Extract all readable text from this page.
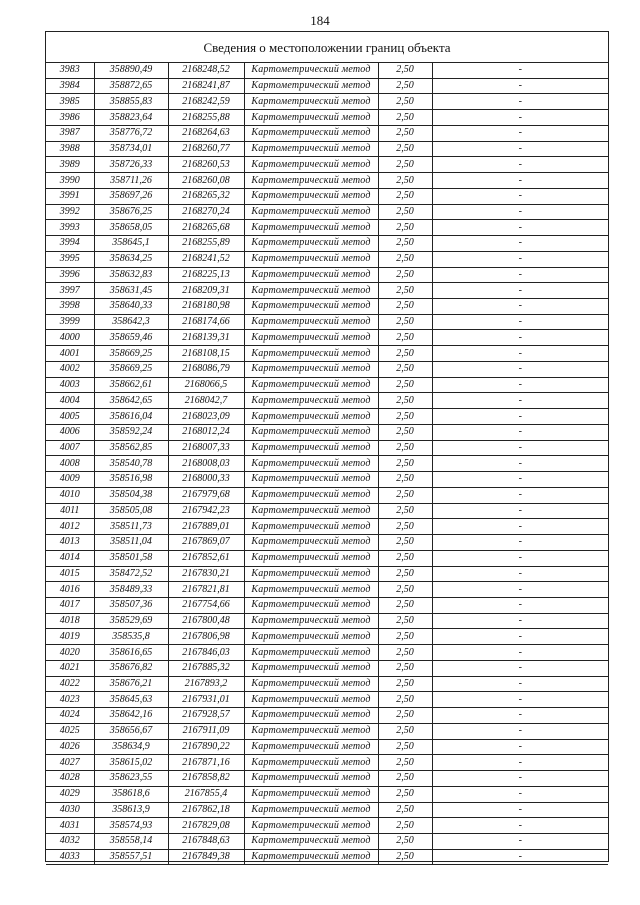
184
Сведения о местоположении границ объекта
3983	358890,49	2168248,52	Картометрический метод	2,50	-
3984	358872,65	2168241,87	Картометрический метод	2,50	-
3985	358855,83	2168242,59	Картометрический метод	2,50	-
3986	358823,64	2168255,88	Картометрический метод	2,50	-
3987	358776,72	2168264,63	Картометрический метод	2,50	-
3988	358734,01	2168260,77	Картометрический метод	2,50	-
3989	358726,33	2168260,53	Картометрический метод	2,50	-
3990	358711,26	2168260,08	Картометрический метод	2,50	-
3991	358697,26	2168265,32	Картометрический метод	2,50	-
3992	358676,25	2168270,24	Картометрический метод	2,50	-
3993	358658,05	2168265,68	Картометрический метод	2,50	-
3994	358645,1	2168255,89	Картометрический метод	2,50	-
3995	358634,25	2168241,52	Картометрический метод	2,50	-
3996	358632,83	2168225,13	Картометрический метод	2,50	-
3997	358631,45	2168209,31	Картометрический метод	2,50	-
3998	358640,33	2168180,98	Картометрический метод	2,50	-
3999	358642,3	2168174,66	Картометрический метод	2,50	-
4000	358659,46	2168139,31	Картометрический метод	2,50	-
4001	358669,25	2168108,15	Картометрический метод	2,50	-
4002	358669,25	2168086,79	Картометрический метод	2,50	-
4003	358662,61	2168066,5	Картометрический метод	2,50	-
4004	358642,65	2168042,7	Картометрический метод	2,50	-
4005	358616,04	2168023,09	Картометрический метод	2,50	-
4006	358592,24	2168012,24	Картометрический метод	2,50	-
4007	358562,85	2168007,33	Картометрический метод	2,50	-
4008	358540,78	2168008,03	Картометрический метод	2,50	-
4009	358516,98	2168000,33	Картометрический метод	2,50	-
4010	358504,38	2167979,68	Картометрический метод	2,50	-
4011	358505,08	2167942,23	Картометрический метод	2,50	-
4012	358511,73	2167889,01	Картометрический метод	2,50	-
4013	358511,04	2167869,07	Картометрический метод	2,50	-
4014	358501,58	2167852,61	Картометрический метод	2,50	-
4015	358472,52	2167830,21	Картометрический метод	2,50	-
4016	358489,33	2167821,81	Картометрический метод	2,50	-
4017	358507,36	2167754,66	Картометрический метод	2,50	-
4018	358529,69	2167800,48	Картометрический метод	2,50	-
4019	358535,8	2167806,98	Картометрический метод	2,50	-
4020	358616,65	2167846,03	Картометрический метод	2,50	-
4021	358676,82	2167885,32	Картометрический метод	2,50	-
4022	358676,21	2167893,2	Картометрический метод	2,50	-
4023	358645,63	2167931,01	Картометрический метод	2,50	-
4024	358642,16	2167928,57	Картометрический метод	2,50	-
4025	358656,67	2167911,09	Картометрический метод	2,50	-
4026	358634,9	2167890,22	Картометрический метод	2,50	-
4027	358615,02	2167871,16	Картометрический метод	2,50	-
4028	358623,55	2167858,82	Картометрический метод	2,50	-
4029	358618,6	2167855,4	Картометрический метод	2,50	-
4030	358613,9	2167862,18	Картометрический метод	2,50	-
4031	358574,93	2167829,08	Картометрический метод	2,50	-
4032	358558,14	2167848,63	Картометрический метод	2,50	-
4033	358557,51	2167849,38	Картометрический метод	2,50	-
